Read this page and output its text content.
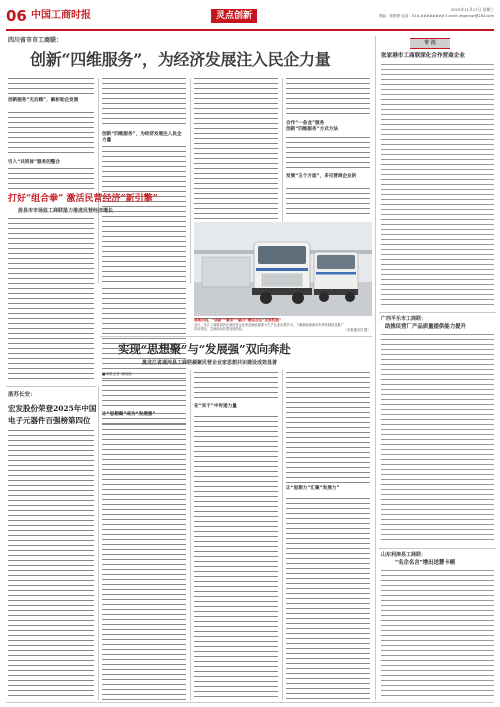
06 中国工商时报	灵点创新
2025年11月17日 星期三
责编：张婷婷 电话：010-######## E-mail: zhgshxw@163.com
四川省市市工商联：
创新“四维服务”，为经济发展注入民企力量
创新服务“无后顾”，解析助企发展
引入“共同体”服务的整合
创新“四维服务”，为经济发展注入民企力量
合作“一条龙”服务
创新“四维服务”方式方法
发展“五个方面”，多见营商企业的
打好“组合拳” 激活民营经济“新引擎”
眉县市市场监工商联落力推进民营经济增长
勇敢启程，“创新”“繁荣”“融合”聚焦点位“发展机遇”
近日，龙江工商联组织区域民营企业家赴新能源重卡生产企业参观学习，了解新能源商用车研发制造及推广应用情况，交流绿色转型发展经验。	（本报通讯员 摄）
实现“思想聚”与“发展强”双向奔赴
黑龙江省通河县工商联凝聚民营企业家思想共识建设成效显著
■本报记者 周晓波
让“思想聚”成为“发展强”
在“实干”中传递力量
让“思想力”汇聚“发展力”
浙苏长安：
宏发股份荣登2025年中国
电子元器件百强榜第四位
专 注
张家港市工商联深化合作营商企业
广西平乐市工商联：
助推民营厂产品质量提供能力提升
山东利津县工商联：
“名企名言”增出送慧卡顾
